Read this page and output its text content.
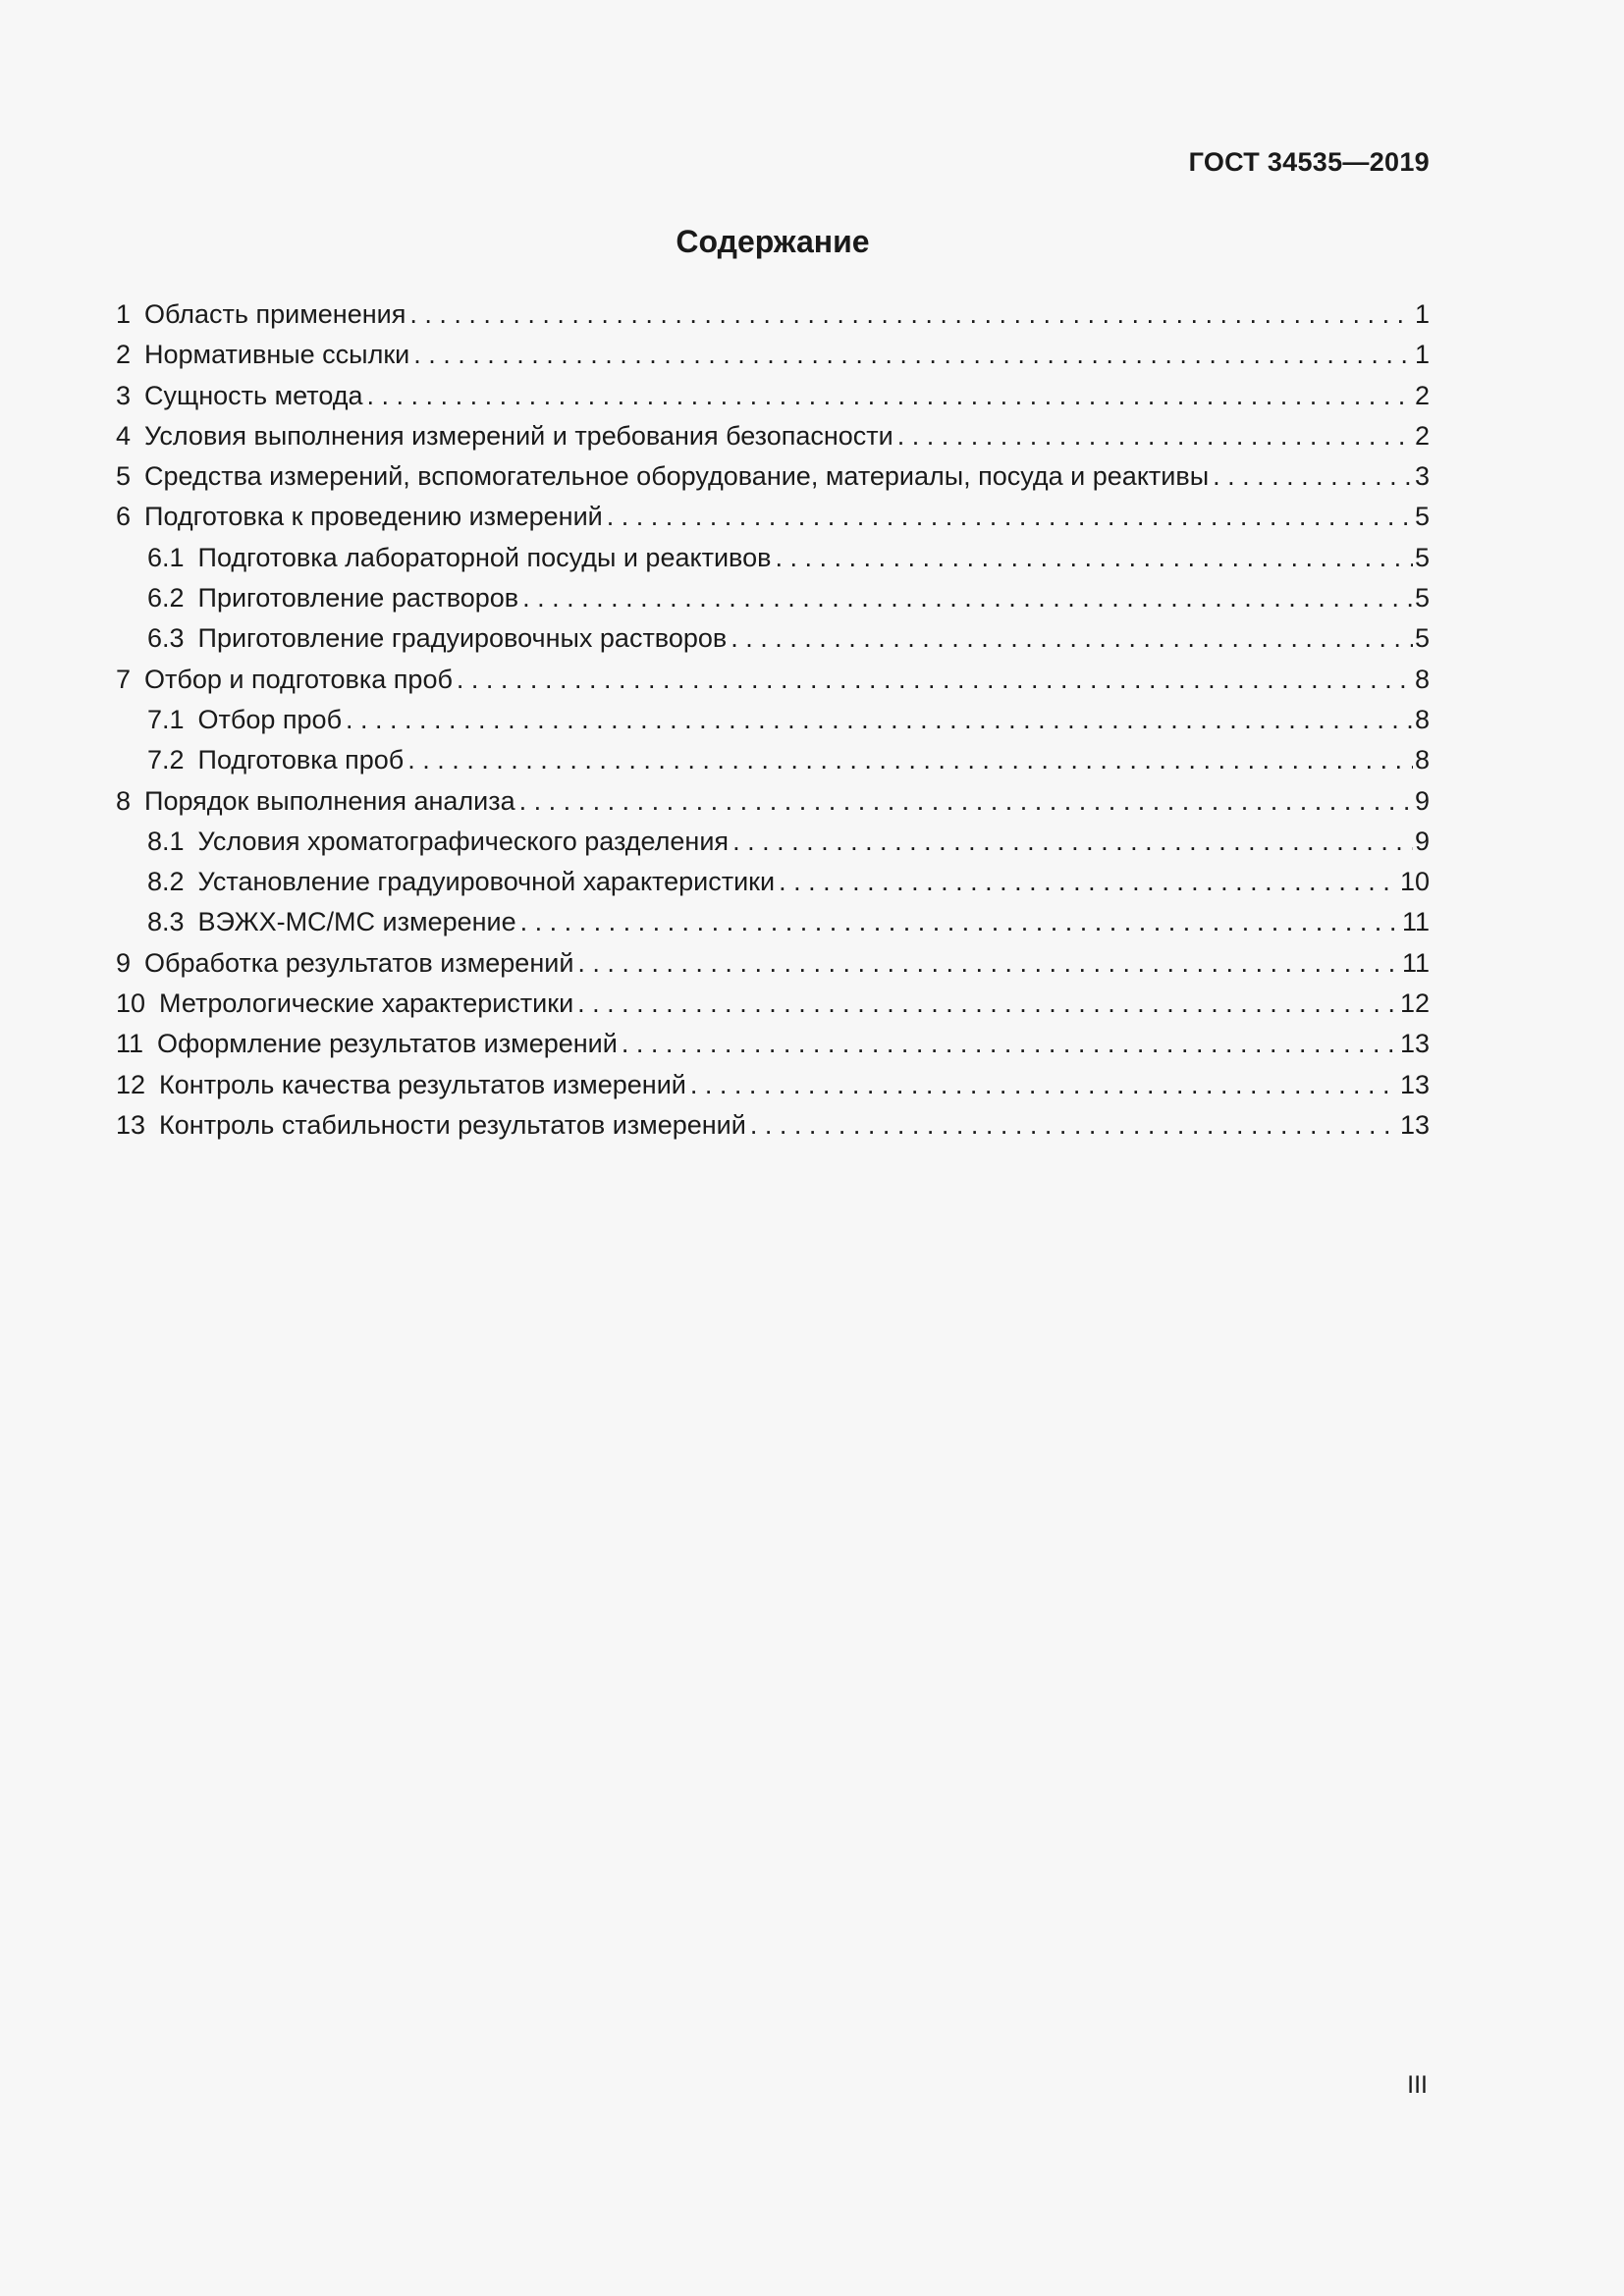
ГОСТ 34535—2019
Содержание
1 Область применения . . .	1
2 Нормативные ссылки . . .	1
3 Сущность метода . . .	2
4 Условия выполнения измерений и требования безопасности . . .	2
5 Средства измерений, вспомогательное оборудование, материалы, посуда и реактивы . . .	3
6 Подготовка к проведению измерений . . .	5
6.1 Подготовка лабораторной посуды и реактивов . . .	5
6.2 Приготовление растворов . . .	5
6.3 Приготовление градуировочных растворов . . .	5
7 Отбор и подготовка проб . . .	8
7.1 Отбор проб . . .	8
7.2 Подготовка проб . . .	8
8 Порядок выполнения анализа . . .	9
8.1 Условия хроматографического разделения . . .	9
8.2 Установление градуировочной характеристики . . .	10
8.3 ВЭЖХ-МС/МС измерение . . .	11
9 Обработка результатов измерений . . .	11
10 Метрологические характеристики . . .	12
11 Оформление результатов измерений . . .	13
12 Контроль качества результатов измерений . . .	13
13 Контроль стабильности результатов измерений . . .	13
III
